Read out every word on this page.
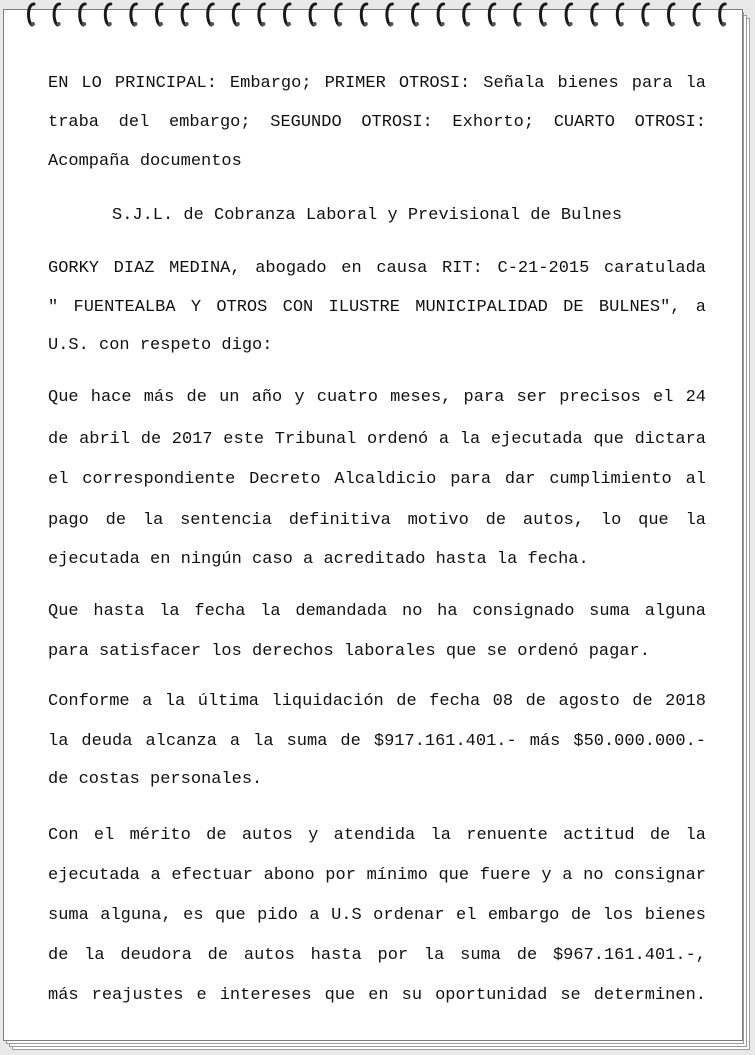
EN LO PRINCIPAL: Embargo; PRIMER OTROSI: Señala bienes para la
traba del embargo; SEGUNDO OTROSI: Exhorto; CUARTO OTROSI:
Acompaña documentos
S.J.L. de Cobranza Laboral y Previsional de Bulnes
GORKY DIAZ MEDINA, abogado en causa RIT: C-21-2015 caratulada
" FUENTEALBA Y OTROS CON ILUSTRE MUNICIPALIDAD DE BULNES", a
U.S. con respeto digo:
Que hace más de un año y cuatro meses, para ser precisos el 24
de abril de 2017 este Tribunal ordenó a la ejecutada que dictara
el correspondiente Decreto Alcaldicio para dar cumplimiento al
pago de la sentencia definitiva motivo de autos, lo que la
ejecutada en ningún caso a acreditado hasta la fecha.
Que hasta la fecha la demandada no ha consignado suma alguna
para satisfacer los derechos laborales que se ordenó pagar.
Conforme a la última liquidación de fecha 08 de agosto de 2018
la deuda alcanza a la suma de $917.161.401.- más $50.000.000.-
de costas personales.
Con el mérito de autos y atendida la renuente actitud de la
ejecutada a efectuar abono por mínimo que fuere y a no consignar
suma alguna, es que pido a U.S ordenar el embargo de los bienes
de la deudora de autos hasta por la suma de $967.161.401.-,
más reajustes e intereses que en su oportunidad se determinen.
